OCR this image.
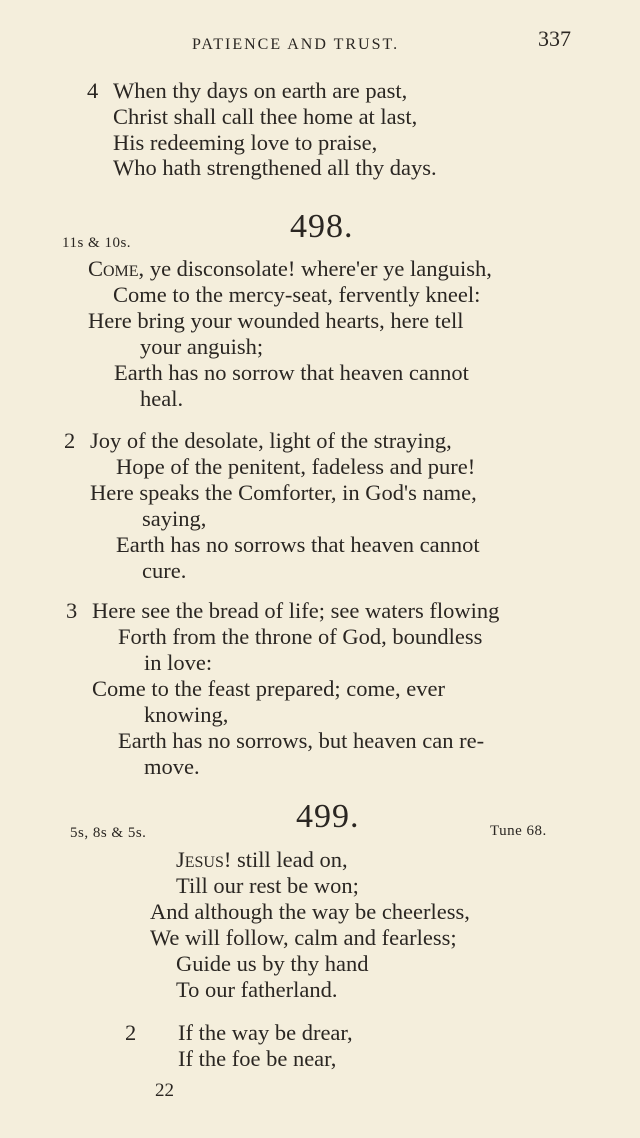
PATIENCE AND TRUST.	337
4 When thy days on earth are past,
Christ shall call thee home at last,
His redeeming love to praise,
Who hath strengthened all thy days.
11s & 10s.	498.
Come, ye disconsolate! where'er ye languish,
Come to the mercy-seat, fervently kneel:
Here bring your wounded hearts, here tell
your anguish;
Earth has no sorrow that heaven cannot
heal.
2 Joy of the desolate, light of the straying,
Hope of the penitent, fadeless and pure!
Here speaks the Comforter, in God's name,
saying,
Earth has no sorrows that heaven cannot
cure.
3 Here see the bread of life; see waters flowing
Forth from the throne of God, boundless
in love:
Come to the feast prepared; come, ever
knowing,
Earth has no sorrows, but heaven can re-
move.
5s, 8s & 5s.	499.	Tune 68.
Jesus! still lead on,
Till our rest be won;
And although the way be cheerless,
We will follow, calm and fearless;
Guide us by thy hand
To our fatherland.
2 If the way be drear,
If the foe be near,
22
